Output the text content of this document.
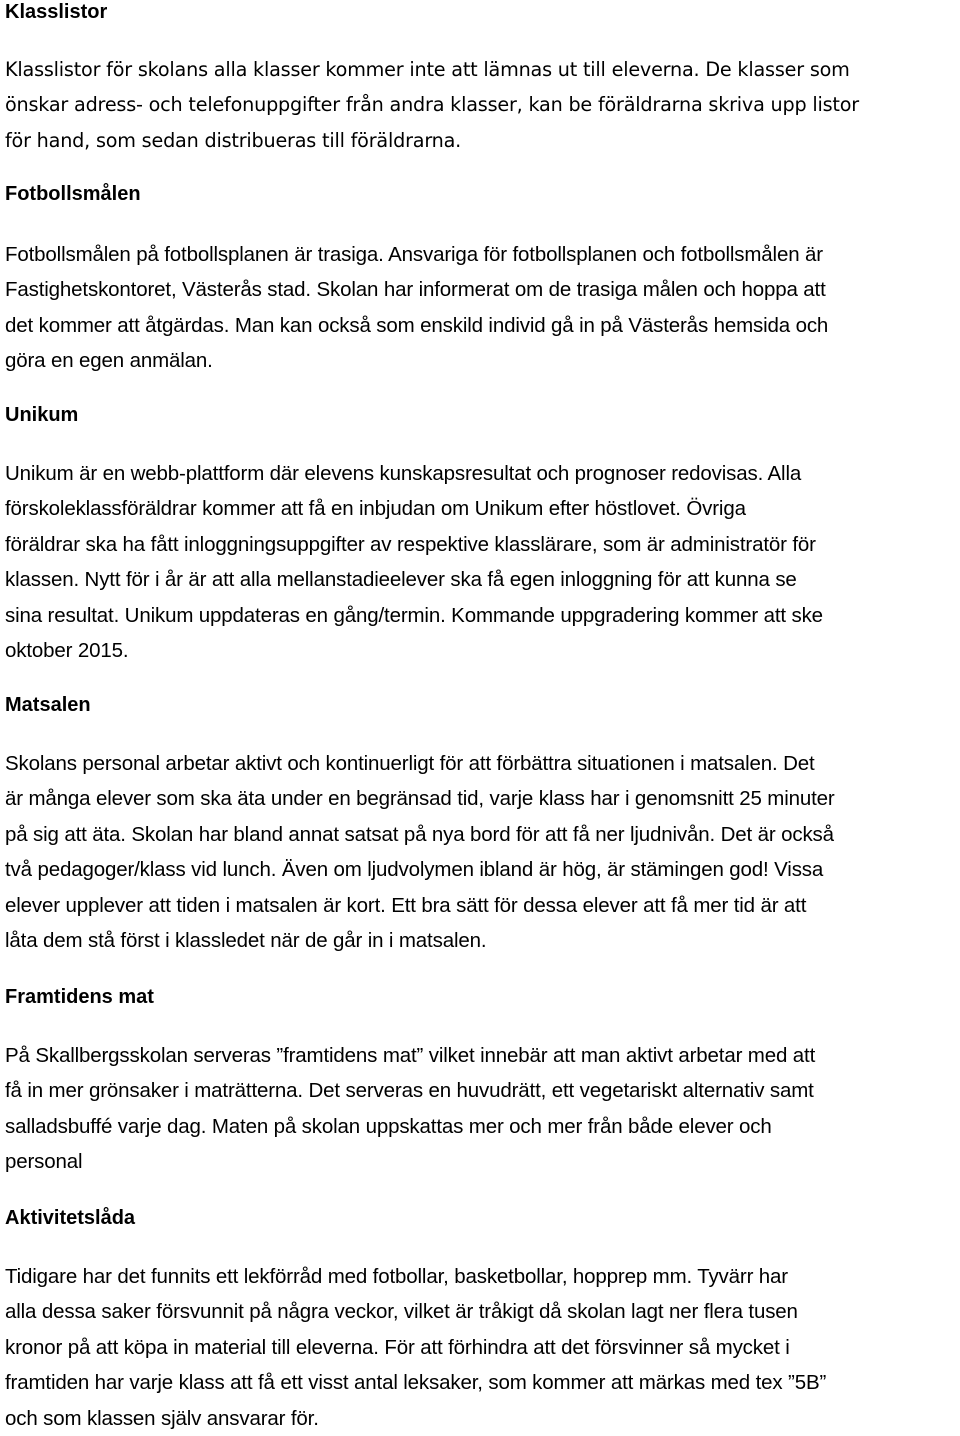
Klasslistor

Klasslistor för skolans alla klasser kommer inte att lämnas ut till eleverna. De klasser som
önskar adress- och telefonuppgifter från andra klasser, kan be föräldrarna skriva upp listor
för hand, som sedan distribueras till föräldrarna.

Fotbollsmålen

Fotbollsmålen på fotbollsplanen är trasiga. Ansvariga för fotbollsplanen och fotbollsmålen är
Fastighetskontoret, Västerås stad. Skolan har informerat om de trasiga målen och hoppa att
det kommer att åtgärdas. Man kan också som enskild individ gå in på Västerås hemsida och
göra en egen anmälan.

Unikum

Unikum är en webb-plattform där elevens kunskapsresultat och prognoser redovisas. Alla
förskoleklassföräldrar kommer att få en inbjudan om Unikum efter höstlovet. Övriga
föräldrar ska ha fått inloggningsuppgifter av respektive klasslärare, som är administratör för
klassen. Nytt för i år är att alla mellanstadieelever ska få egen inloggning för att kunna se
sina resultat. Unikum uppdateras en gång/termin. Kommande uppgradering kommer att ske
oktober 2015.

Matsalen

Skolans personal arbetar aktivt och kontinuerligt för att förbättra situationen i matsalen. Det
är många elever som ska äta under en begränsad tid, varje klass har i genomsnitt 25 minuter
på sig att äta. Skolan har bland annat satsat på nya bord för att få ner ljudnivån. Det är också
två pedagoger/klass vid lunch. Även om ljudvolymen ibland är hög, är stämingen god! Vissa
elever upplever att tiden i matsalen är kort. Ett bra sätt för dessa elever att få mer tid är att
låta dem stå först i klassledet när de går in i matsalen.

Framtidens mat

På Skallbergsskolan serveras ”framtidens mat” vilket innebär att man aktivt arbetar med att
få in mer grönsaker i maträtterna. Det serveras en huvudrätt, ett vegetariskt alternativ samt
salladsbuffé varje dag. Maten på skolan uppskattas mer och mer från både elever och
personal

Aktivitetslåda

Tidigare har det funnits ett lekförråd med fotbollar, basketbollar, hopprep mm. Tyvärr har
alla dessa saker försvunnit på några veckor, vilket är tråkigt då skolan lagt ner flera tusen
kronor på att köpa in material till eleverna. För att förhindra att det försvinner så mycket i
framtiden har varje klass att få ett visst antal leksaker, som kommer att märkas med tex ”5B”
och som klassen själv ansvarar för.
